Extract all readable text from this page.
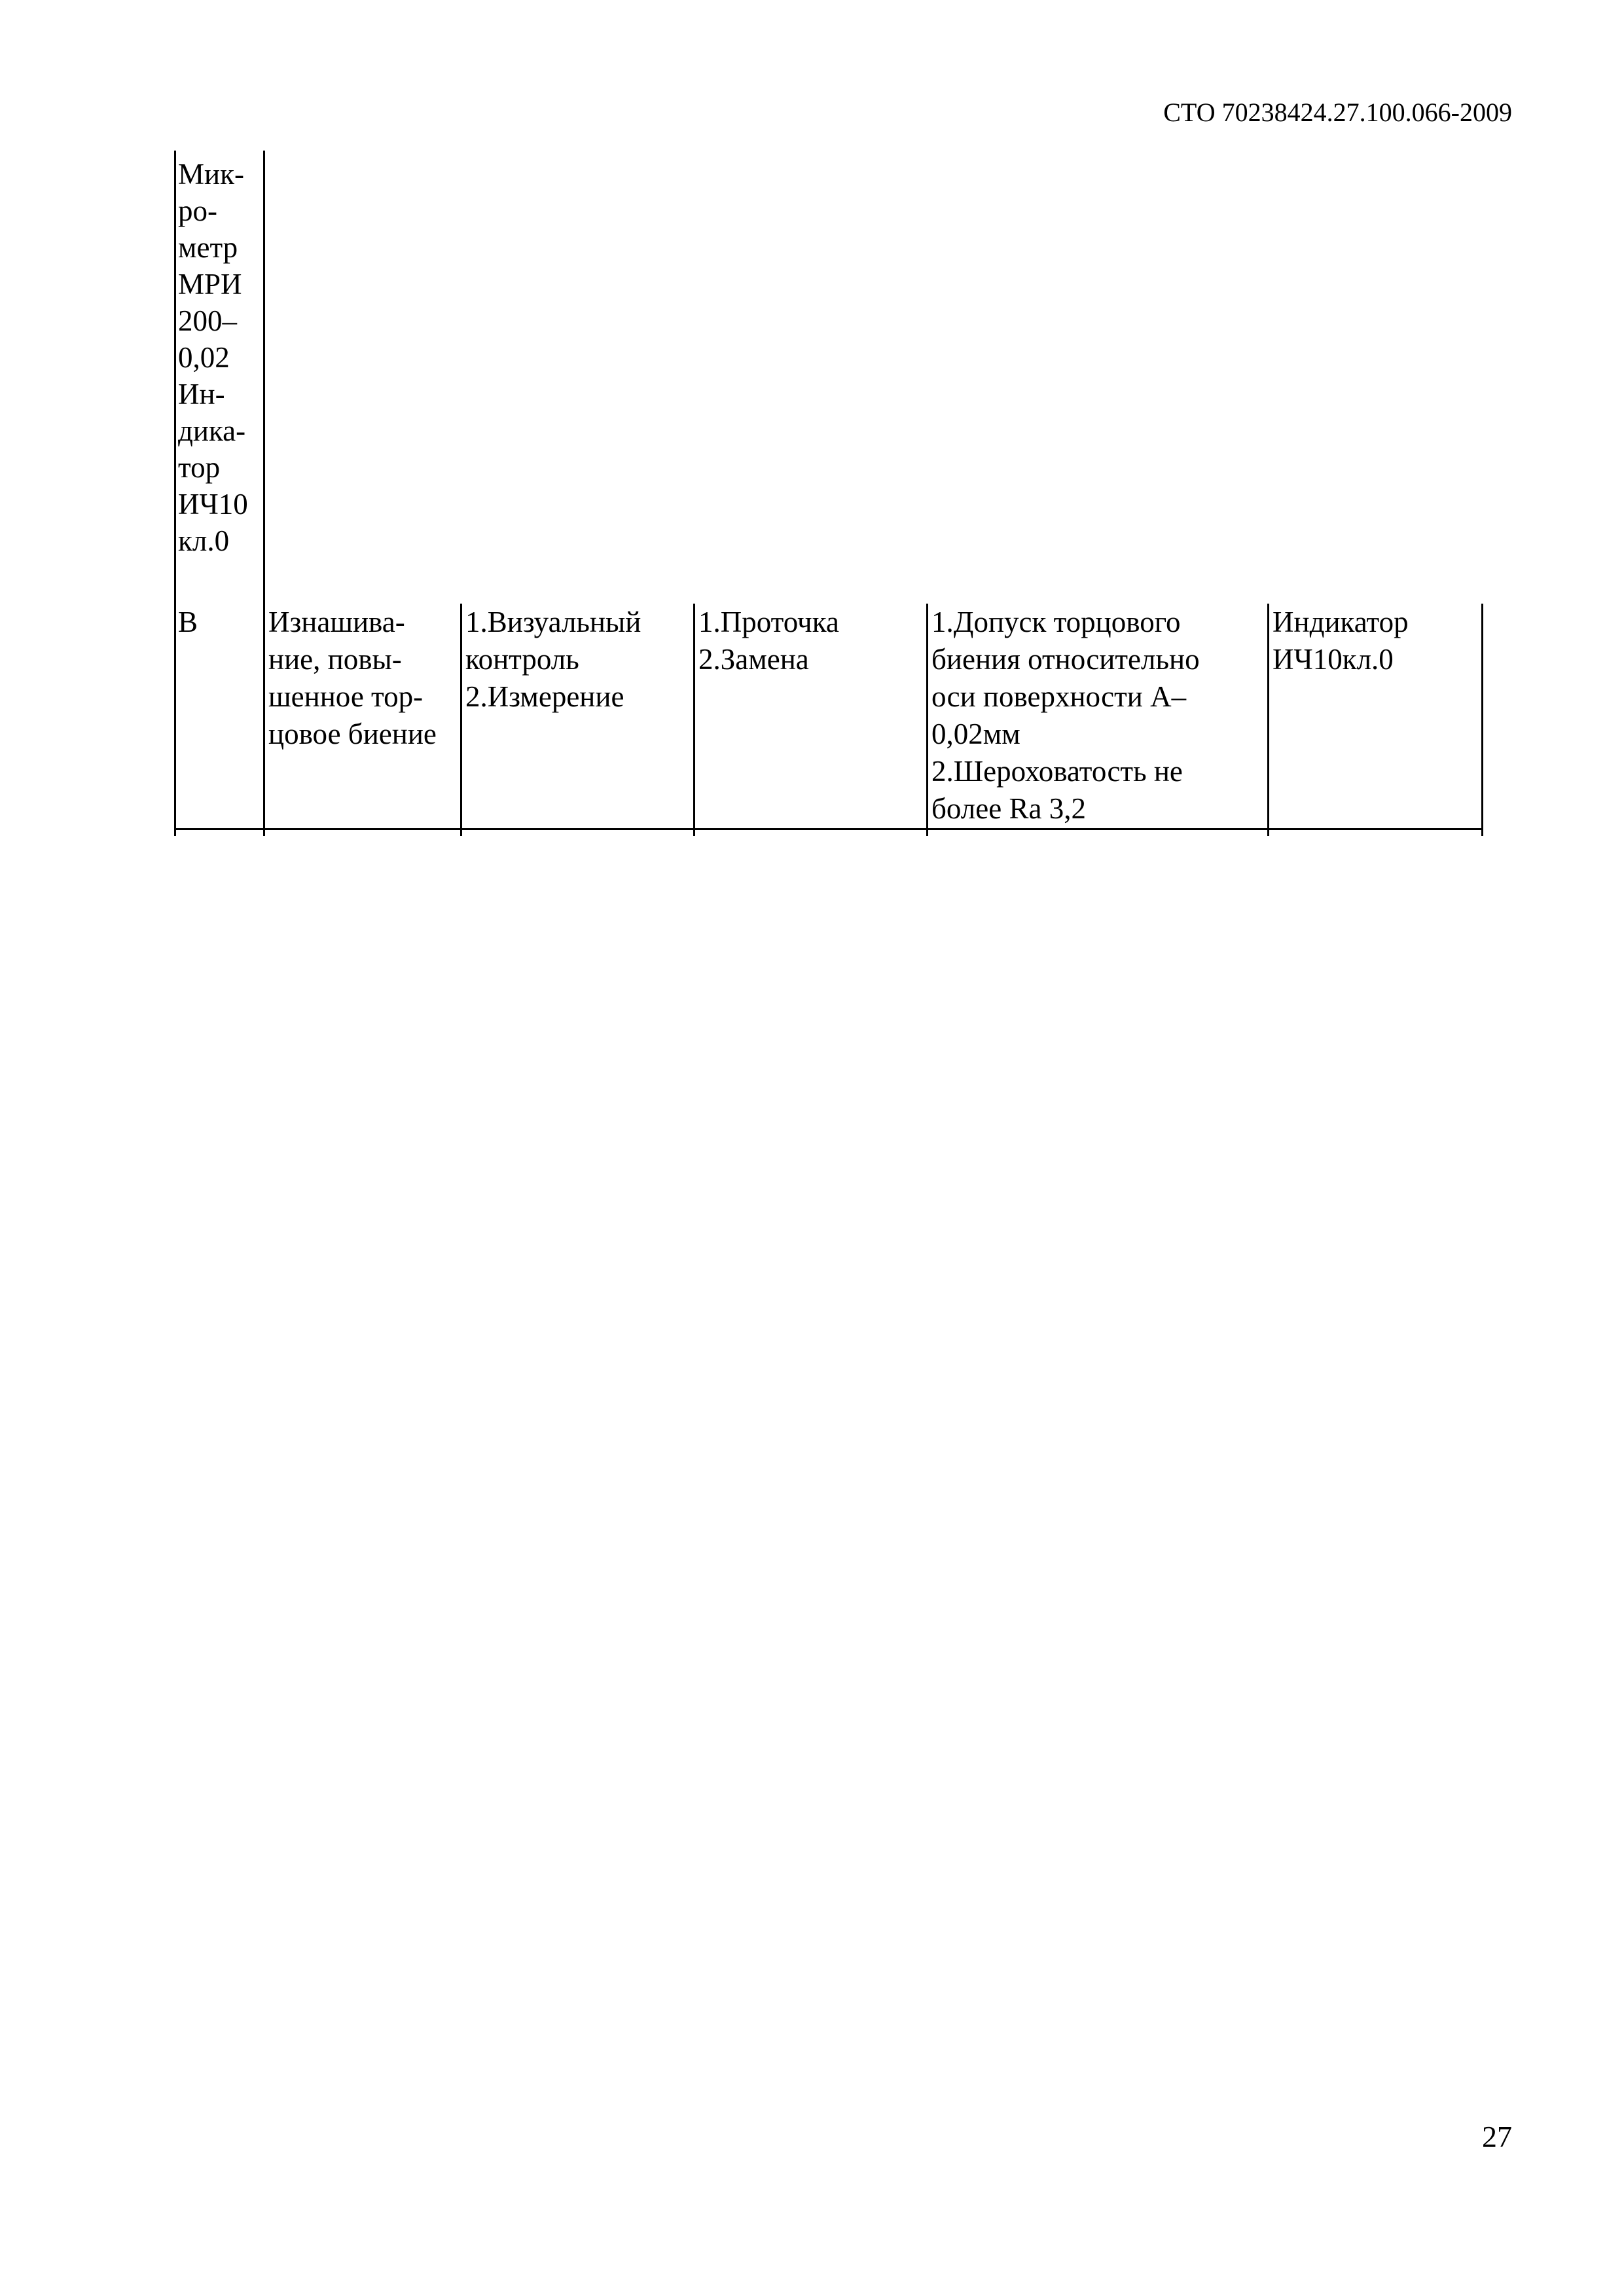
СТО 70238424.27.100.066-2009
Мик-
ро-
метр
МРИ
200–
0,02
Ин-
дика-
тор
ИЧ10
кл.0
В Изнашива-
ние, повы-
шенное тор-
цовое биение
1.Визуальный
контроль
2.Измерение
1.Проточка
2.Замена
1.Допуск торцового
биения относительно
оси поверхности А–
0,02мм
2.Шероховатость не
более Ra 3,2
Индикатор
ИЧ10кл.0
27
